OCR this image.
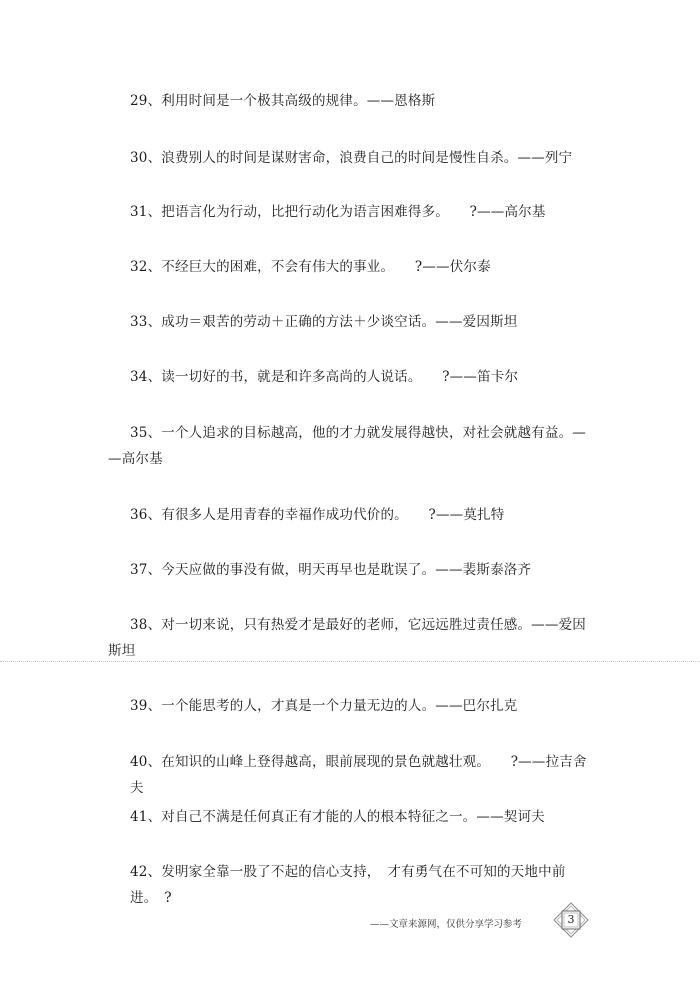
29、利用时间是一个极其高级的规律。——恩格斯
30、浪费别人的时间是谋财害命，浪费自己的时间是慢性自杀。——列宁
31、把语言化为行动，比把行动化为语言困难得多。　　?——高尔基
32、不经巨大的困难，不会有伟大的事业。　　?——伏尔泰
33、成功＝艰苦的劳动＋正确的方法＋少谈空话。——爱因斯坦
34、读一切好的书，就是和许多高尚的人说话。　　?——笛卡尔
35、一个人追求的目标越高，他的才力就发展得越快，对社会就越有益。—
—高尔基
36、有很多人是用青春的幸福作成功代价的。　　?——莫扎特
37、今天应做的事没有做，明天再早也是耽误了。——裴斯泰洛齐
38、对一切来说，只有热爱才是最好的老师，它远远胜过责任感。——爱因
斯坦
39、一个能思考的人，才真是一个力量无边的人。——巴尔扎克
40、在知识的山峰上登得越高，眼前展现的景色就越壮观。　　?——拉吉舍夫
41、对自己不满是任何真正有才能的人的根本特征之一。——契诃夫
42、发明家全靠一股了不起的信心支持，　才有勇气在不可知的天地中前进。　?
——文章来源网，仅供分享学习参考	3
